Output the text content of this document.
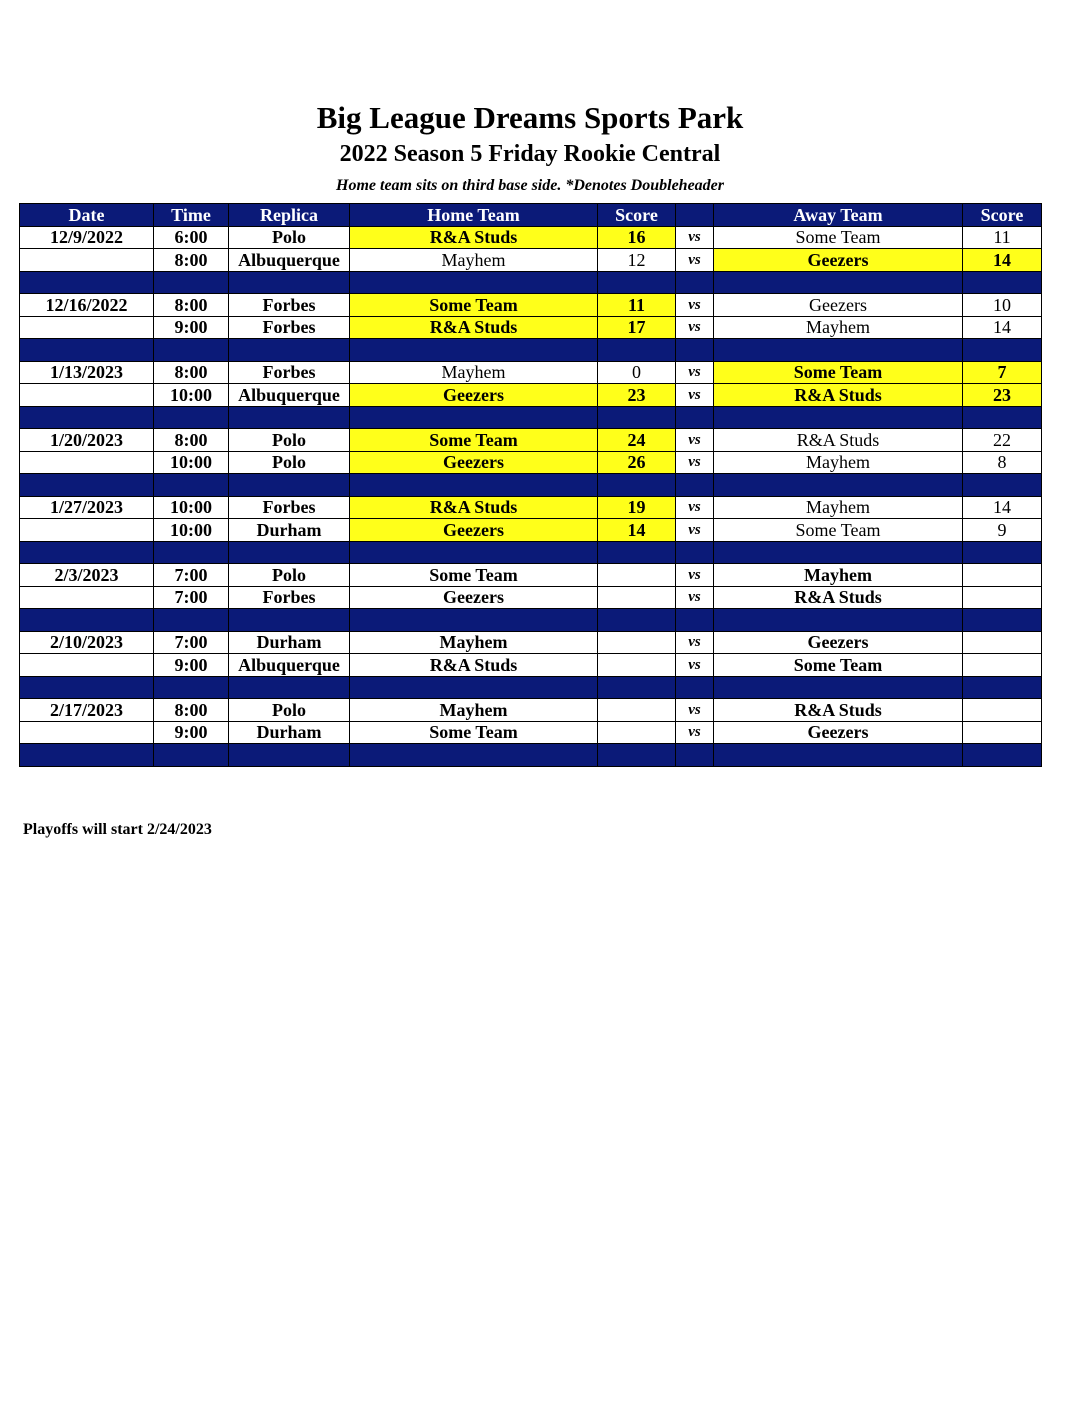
Big League Dreams Sports Park
2022 Season 5 Friday Rookie Central
Home team sits on third base side. *Denotes Doubleheader
Date	Time	Replica	Home Team	Score		Away Team	Score
12/9/2022	6:00	Polo	R&A Studs	16	vs	Some Team	11
	8:00	Albuquerque	Mayhem	12	vs	Geezers	14

12/16/2022	8:00	Forbes	Some Team	11	vs	Geezers	10
	9:00	Forbes	R&A Studs	17	vs	Mayhem	14

1/13/2023	8:00	Forbes	Mayhem	0	vs	Some Team	7
	10:00	Albuquerque	Geezers	23	vs	R&A Studs	23

1/20/2023	8:00	Polo	Some Team	24	vs	R&A Studs	22
	10:00	Polo	Geezers	26	vs	Mayhem	8

1/27/2023	10:00	Forbes	R&A Studs	19	vs	Mayhem	14
	10:00	Durham	Geezers	14	vs	Some Team	9

2/3/2023	7:00	Polo	Some Team		vs	Mayhem	
	7:00	Forbes	Geezers		vs	R&A Studs	

2/10/2023	7:00	Durham	Mayhem		vs	Geezers	
	9:00	Albuquerque	R&A Studs		vs	Some Team	

2/17/2023	8:00	Polo	Mayhem		vs	R&A Studs	
	9:00	Durham	Some Team		vs	Geezers	

Playoffs will start 2/24/2023
